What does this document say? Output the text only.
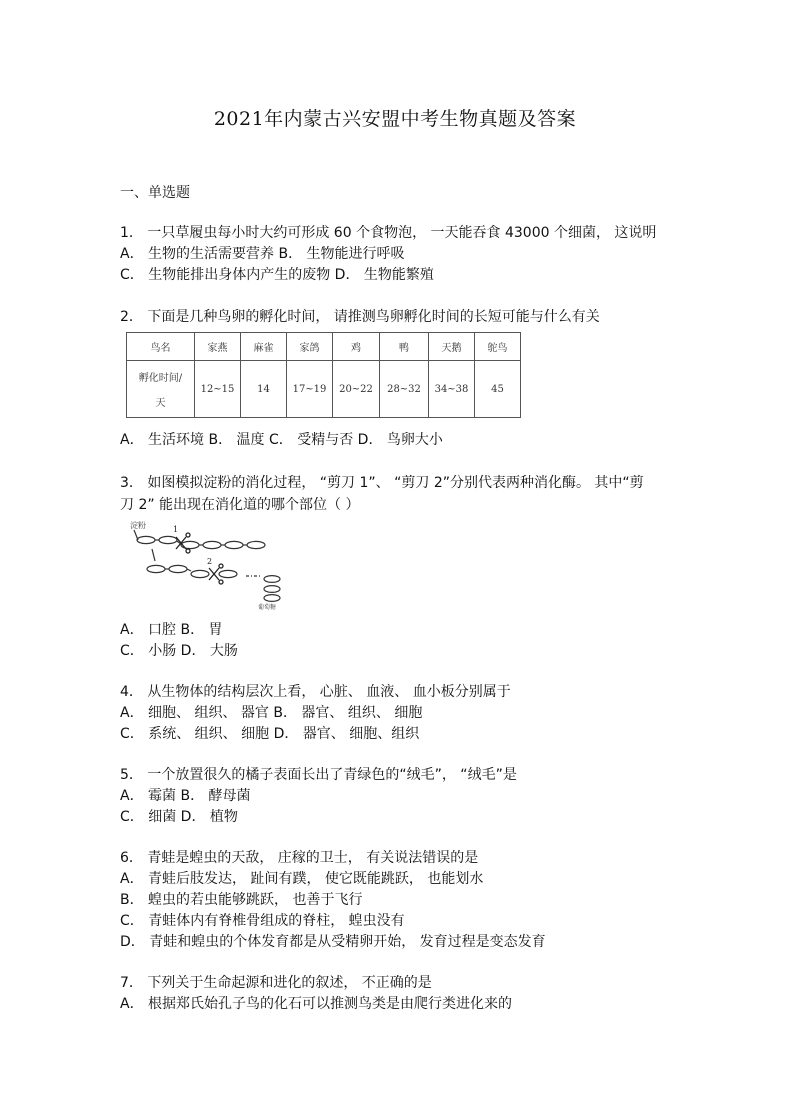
2021年内蒙古兴安盟中考生物真题及答案
一、单选题
1． 一只草履虫每小时大约可形成 60 个食物泡， 一天能吞食 43000 个细菌， 这说明
A． 生物的生活需要营养 B． 生物能进行呼吸
C． 生物能排出身体内产生的废物 D． 生物能繁殖
2． 下面是几种鸟卵的孵化时间， 请推测鸟卵孵化时间的长短可能与什么有关
鸟名	家燕	麻雀	家鸽	鸡	鸭	天鹅	鸵鸟

孵化时间/
天	12~15	14	17~19	20~22	28~32	34~38	45
A． 生活环境 B． 温度 C． 受精与否 D． 鸟卵大小
3． 如图模拟淀粉的消化过程， “剪刀 1”、 “剪刀 2”分别代表两种消化酶。 其中“剪
刀 2” 能出现在消化道的哪个部位（ ）
淀粉	1
2
葡萄糖
A． 口腔 B． 胃
C． 小肠 D． 大肠
4． 从生物体的结构层次上看， 心脏、 血液、 血小板分别属于
A． 细胞、 组织、 器官 B． 器官、 组织、 细胞
C． 系统、 组织、 细胞 D． 器官、 细胞、组织
5． 一个放置很久的橘子表面长出了青绿色的“绒毛”， “绒毛”是
A． 霉菌 B． 酵母菌
C． 细菌 D． 植物
6． 青蛙是蝗虫的天敌， 庄稼的卫士， 有关说法错误的是
A． 青蛙后肢发达， 趾间有蹼， 使它既能跳跃， 也能划水
B． 蝗虫的若虫能够跳跃， 也善于飞行
C． 青蛙体内有脊椎骨组成的脊柱， 蝗虫没有
D． 青蛙和蝗虫的个体发育都是从受精卵开始， 发育过程是变态发育
7． 下列关于生命起源和进化的叙述， 不正确的是
A． 根据郑氏始孔子鸟的化石可以推测鸟类是由爬行类进化来的
